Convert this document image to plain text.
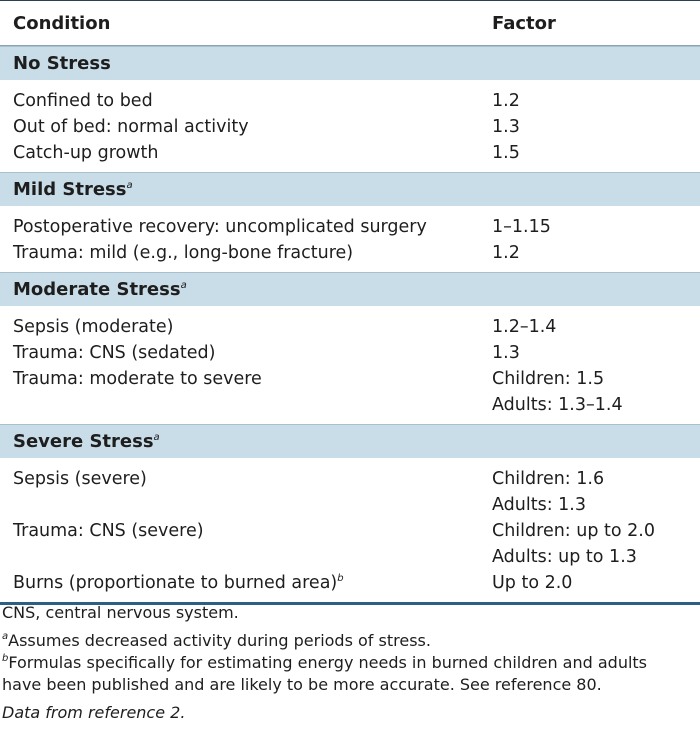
Condition	Factor
No Stress
Confined to bed	1.2
Out of bed: normal activity	1.3
Catch-up growth	1.5
Mild Stress$^a$
Postoperative recovery: uncomplicated surgery	1–1.15
Trauma: mild (e.g., long-bone fracture)	1.2
Moderate Stress$^a$
Sepsis (moderate)	1.2–1.4
Trauma: CNS (sedated)	1.3
Trauma: moderate to severe	Children: 1.5
Adults: 1.3–1.4
Severe Stress$^a$
Sepsis (severe)	Children: 1.6
Adults: 1.3
Trauma: CNS (severe)	Children: up to 2.0
Adults: up to 1.3
Burns (proportionate to burned area)$^b$	Up to 2.0
CNS, central nervous system.
$^a$Assumes decreased activity during periods of stress.
$^b$Formulas specifically for estimating energy needs in burned children and adults
have been published and are likely to be more accurate. See reference 80.
Data from reference 2.
